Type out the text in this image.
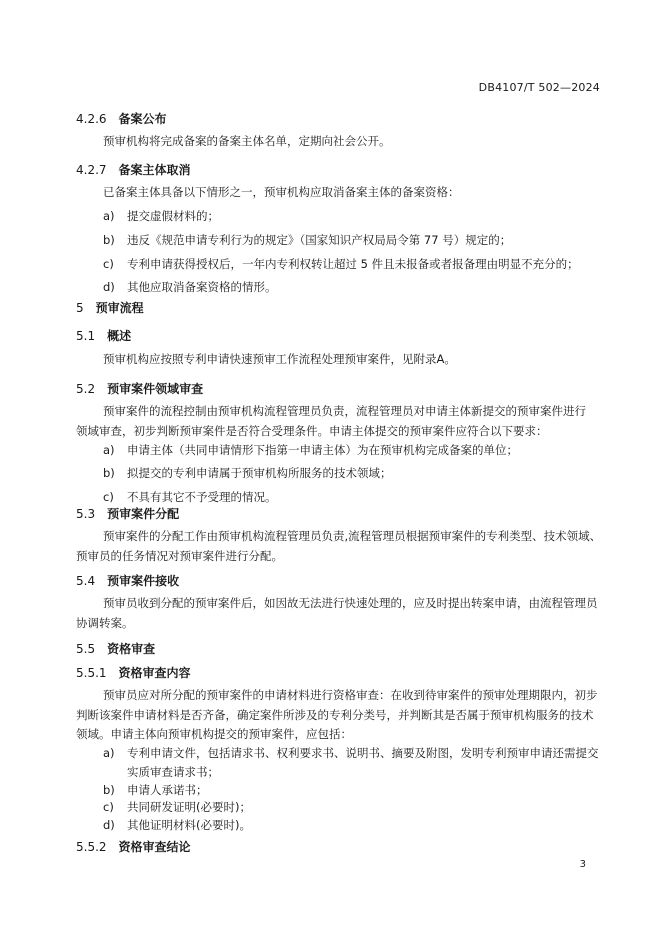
DB4107/T 502—2024
4.2.6 备案公布
预审机构将完成备案的备案主体名单，定期向社会公开。
4.2.7 备案主体取消
已备案主体具备以下情形之一，预审机构应取消备案主体的备案资格：
a) 提交虚假材料的；
b) 违反《规范申请专利行为的规定》（国家知识产权局局令第 77 号）规定的；
c) 专利申请获得授权后，一年内专利权转让超过 5 件且未报备或者报备理由明显不充分的；
d) 其他应取消备案资格的情形。
5 预审流程
5.1 概述
预审机构应按照专利申请快速预审工作流程处理预审案件，见附录A。
5.2 预审案件领域审查
预审案件的流程控制由预审机构流程管理员负责，流程管理员对申请主体新提交的预审案件进行
领域审查，初步判断预审案件是否符合受理条件。申请主体提交的预审案件应符合以下要求：
a) 申请主体（共同申请情形下指第一申请主体）为在预审机构完成备案的单位；
b) 拟提交的专利申请属于预审机构所服务的技术领域；
c) 不具有其它不予受理的情况。
5.3 预审案件分配
预审案件的分配工作由预审机构流程管理员负责,流程管理员根据预审案件的专利类型、技术领域、
预审员的任务情况对预审案件进行分配。
5.4 预审案件接收
预审员收到分配的预审案件后，如因故无法进行快速处理的，应及时提出转案申请，由流程管理员
协调转案。
5.5 资格审查
5.5.1 资格审查内容
预审员应对所分配的预审案件的申请材料进行资格审查：在收到待审案件的预审处理期限内，初步
判断该案件申请材料是否齐备，确定案件所涉及的专利分类号，并判断其是否属于预审机构服务的技术
领域。申请主体向预审机构提交的预审案件，应包括：
a) 专利申请文件，包括请求书、权利要求书、说明书、摘要及附图，发明专利预审申请还需提交
实质审查请求书；
b) 申请人承诺书；
c) 共同研发证明(必要时)；
d) 其他证明材料(必要时)。
5.5.2 资格审查结论
3
